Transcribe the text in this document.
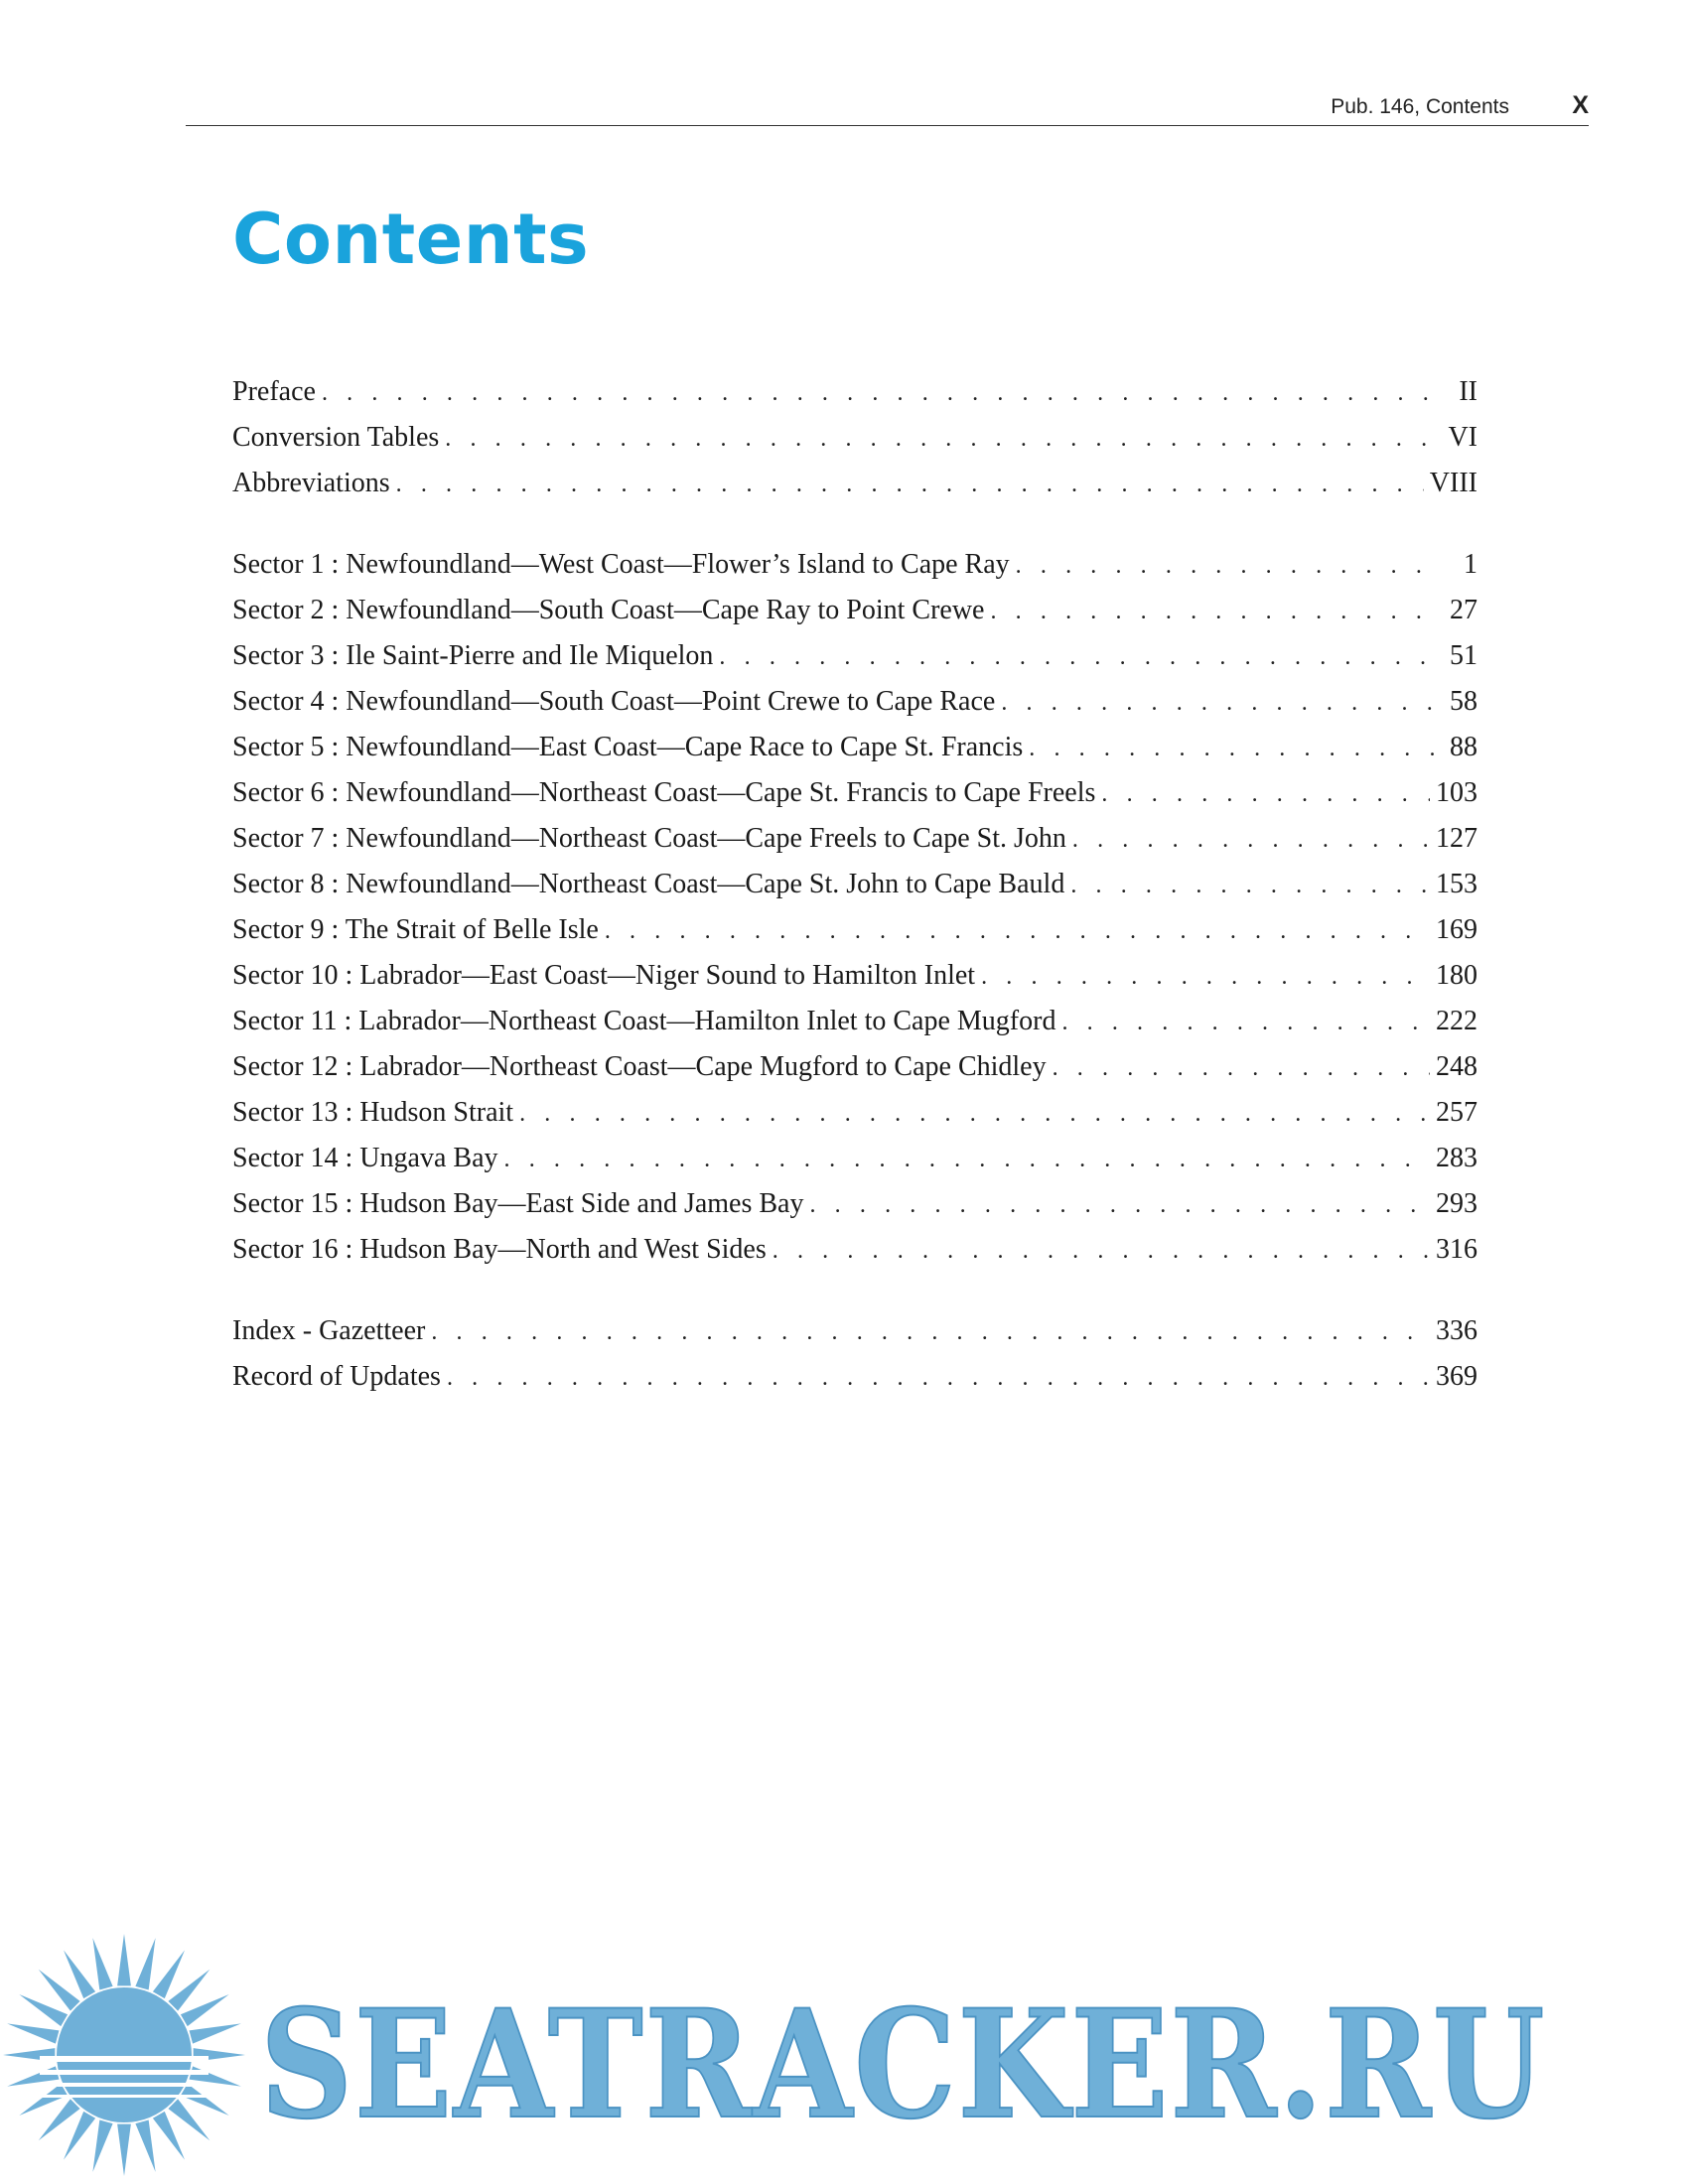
Pub. 146, Contents	X
Contents
Preface . . .	II
Conversion Tables . . .	VI
Abbreviations . . .	VIII
Sector 1 : Newfoundland—West Coast—Flower’s Island to Cape Ray . . .	1
Sector 2 : Newfoundland—South Coast—Cape Ray to Point Crewe . . .	27
Sector 3 : Ile Saint-Pierre and Ile Miquelon . . .	51
Sector 4 : Newfoundland—South Coast—Point Crewe to Cape Race . . .	58
Sector 5 : Newfoundland—East Coast—Cape Race to Cape St. Francis . . .	88
Sector 6 : Newfoundland—Northeast Coast—Cape St. Francis to Cape Freels . . .	103
Sector 7 : Newfoundland—Northeast Coast—Cape Freels to Cape St. John . . .	127
Sector 8 : Newfoundland—Northeast Coast—Cape St. John to Cape Bauld . . .	153
Sector 9 : The Strait of Belle Isle . . .	169
Sector 10 : Labrador—East Coast—Niger Sound to Hamilton Inlet . . .	180
Sector 11 : Labrador—Northeast Coast—Hamilton Inlet to Cape Mugford . . .	222
Sector 12 : Labrador—Northeast Coast—Cape Mugford to Cape Chidley . . .	248
Sector 13 : Hudson Strait . . .	257
Sector 14 : Ungava Bay . . .	283
Sector 15 : Hudson Bay—East Side and James Bay . . .	293
Sector 16 : Hudson Bay—North and West Sides . . .	316
Index - Gazetteer . . .	336
Record of Updates . . .	369
SEATRACKER.RU
